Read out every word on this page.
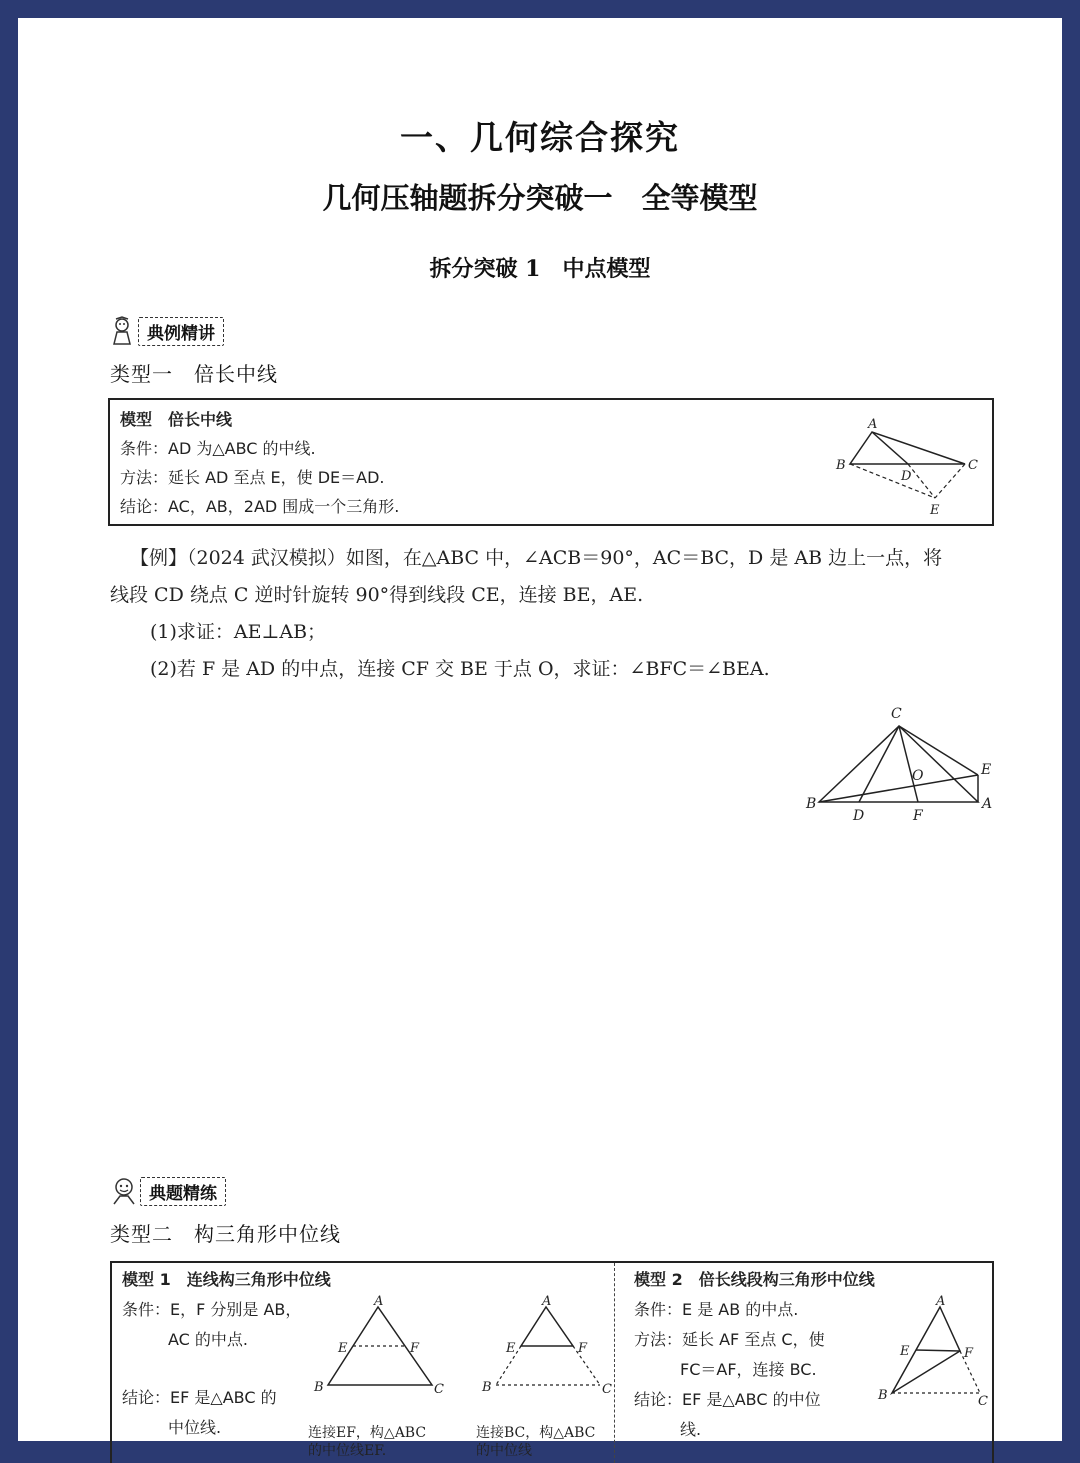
一、几何综合探究
几何压轴题拆分突破一　全等模型
拆分突破 1　中点模型
典例精讲
类型一　倍长中线
模型　倍长中线
条件：AD 为△ABC 的中线.
方法：延长 AD 至点 E，使 DE＝AD.
结论：AC，AB，2AD 围成一个三角形.
A
B	C
D
E
【例】（2024 武汉模拟）如图，在△ABC 中，∠ACB＝90°，AC＝BC，D 是 AB 边上一点，将
线段 CD 绕点 C 逆时针旋转 90°得到线段 CE，连接 BE，AE.
(1)求证：AE⊥AB；
(2)若 F 是 AD 的中点，连接 CF 交 BE 于点 O，求证：∠BFC＝∠BEA.
C
E
O
B
D	F
A
典题精练
类型二　构三角形中位线
模型 1　连线构三角形中位线
条件：E，F 分别是 AB，
AC 的中点.
结论：EF 是△ABC 的
中位线.
A
E	F
B	C
连接EF，构△ABC
的中位线EF.
A
E	F
B	C
连接BC，构△ABC
的中位线
模型 2　倍长线段构三角形中位线
条件：E 是 AB 的中点.
方法：延长 AF 至点 C，使
FC＝AF，连接 BC.
结论：EF 是△ABC 的中位
线.
A
E	F
B	C
